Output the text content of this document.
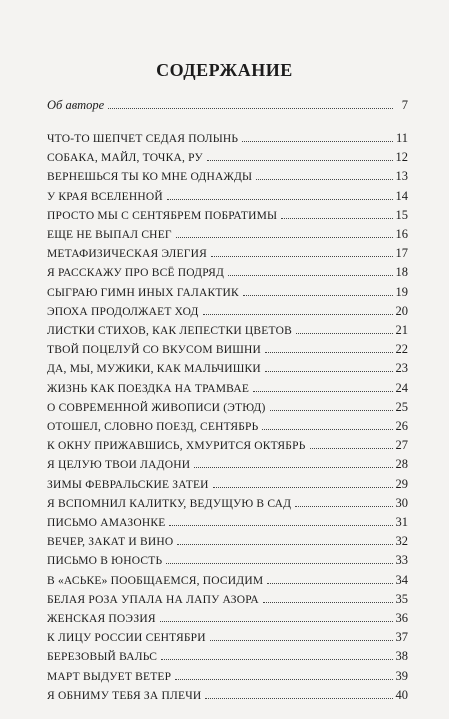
СОДЕРЖАНИЕ
Об авторе	7
ЧТО-ТО ШЕПЧЕТ СЕДАЯ ПОЛЫНЬ	11
СОБАКА, МАЙЛ, ТОЧКА, РУ	12
ВЕРНЕШЬСЯ ТЫ КО МНЕ ОДНАЖДЫ	13
У КРАЯ ВСЕЛЕННОЙ	14
ПРОСТО МЫ С СЕНТЯБРЕМ ПОБРАТИМЫ	15
ЕЩЕ НЕ ВЫПАЛ СНЕГ	16
МЕТАФИЗИЧЕСКАЯ ЭЛЕГИЯ	17
Я РАССКАЖУ ПРО ВСЁ ПОДРЯД	18
СЫГРАЮ ГИМН ИНЫХ ГАЛАКТИК	19
ЭПОХА ПРОДОЛЖАЕТ ХОД	20
ЛИСТКИ СТИХОВ, КАК ЛЕПЕСТКИ ЦВЕТОВ	21
ТВОЙ ПОЦЕЛУЙ СО ВКУСОМ ВИШНИ	22
ДА, МЫ, МУЖИКИ, КАК МАЛЬЧИШКИ	23
ЖИЗНЬ КАК ПОЕЗДКА НА ТРАМВАЕ	24
О СОВРЕМЕННОЙ ЖИВОПИСИ (ЭТЮД)	25
ОТОШЕЛ, СЛОВНО ПОЕЗД, СЕНТЯБРЬ	26
К ОКНУ ПРИЖАВШИСЬ, ХМУРИТСЯ ОКТЯБРЬ	27
Я ЦЕЛУЮ ТВОИ ЛАДОНИ	28
ЗИМЫ ФЕВРАЛЬСКИЕ ЗАТЕИ	29
Я ВСПОМНИЛ КАЛИТКУ, ВЕДУЩУЮ В САД	30
ПИСЬМО АМАЗОНКЕ	31
ВЕЧЕР, ЗАКАТ И ВИНО	32
ПИСЬМО В ЮНОСТЬ	33
В «АСЬКЕ» ПООБЩАЕМСЯ, ПОСИДИМ	34
БЕЛАЯ РОЗА УПАЛА НА ЛАПУ АЗОРА	35
ЖЕНСКАЯ ПОЭЗИЯ	36
К ЛИЦУ РОССИИ СЕНТЯБРИ	37
БЕРЕЗОВЫЙ ВАЛЬС	38
МАРТ ВЫДУЕТ ВЕТЕР	39
Я ОБНИМУ ТЕБЯ ЗА ПЛЕЧИ	40
